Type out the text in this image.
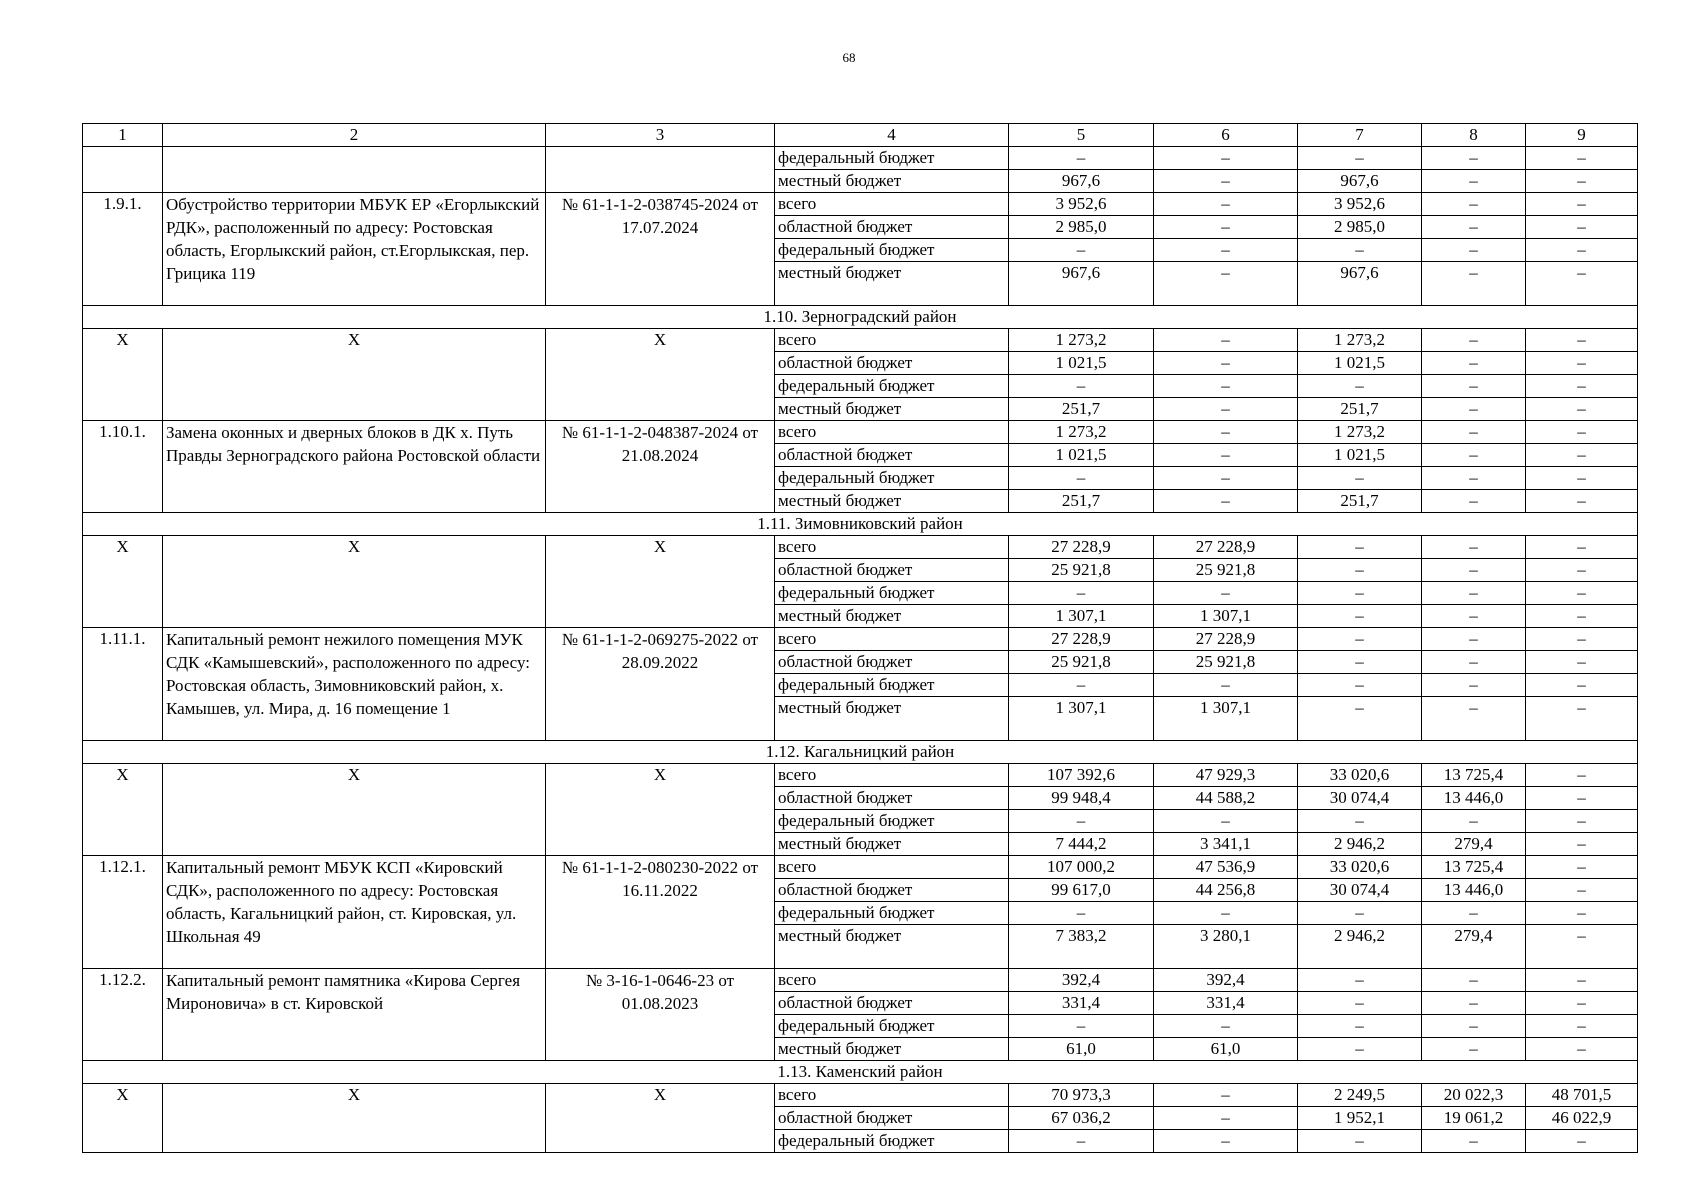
68
1	2	3	4	5	6	7	8	9
			федеральный бюджет	–	–	–	–	–
			местный бюджет	967,6	–	967,6	–	–
1.9.1.	Обустройство территории МБУК ЕР «Егорлыкский РДК», расположенный по адресу: Ростовская область, Егорлыкский район, ст.Егорлыкская, пер. Грицика 119	№ 61-1-1-2-038745-2024 от 17.07.2024	всего	3 952,6	–	3 952,6	–	–
			областной бюджет	2 985,0	–	2 985,0	–	–
			федеральный бюджет	–	–	–	–	–
			местный бюджет	967,6	–	967,6	–	–
1.10. Зерноградский район								
X	X	X	всего	1 273,2	–	1 273,2	–	–
			областной бюджет	1 021,5	–	1 021,5	–	–
			федеральный бюджет	–	–	–	–	–
			местный бюджет	251,7	–	251,7	–	–
1.10.1.	Замена оконных и дверных блоков в ДК х. Путь Правды Зерноградского района Ростовской области	№ 61-1-1-2-048387-2024 от 21.08.2024	всего	1 273,2	–	1 273,2	–	–
			областной бюджет	1 021,5	–	1 021,5	–	–
			федеральный бюджет	–	–	–	–	–
			местный бюджет	251,7	–	251,7	–	–
1.11. Зимовниковский район								
X	X	X	всего	27 228,9	27 228,9	–	–	–
			областной бюджет	25 921,8	25 921,8	–	–	–
			федеральный бюджет	–	–	–	–	–
			местный бюджет	1 307,1	1 307,1	–	–	–
1.11.1.	Капитальный ремонт нежилого помещения МУК СДК «Камышевский», расположенного по адресу: Ростовская область, Зимовниковский район, х. Камышев, ул. Мира, д. 16 помещение 1	№ 61-1-1-2-069275-2022 от 28.09.2022	всего	27 228,9	27 228,9	–	–	–
			областной бюджет	25 921,8	25 921,8	–	–	–
			федеральный бюджет	–	–	–	–	–
			местный бюджет	1 307,1	1 307,1	–	–	–
1.12. Кагальницкий район								
X	X	X	всего	107 392,6	47 929,3	33 020,6	13 725,4	–
			областной бюджет	99 948,4	44 588,2	30 074,4	13 446,0	–
			федеральный бюджет	–	–	–	–	–
			местный бюджет	7 444,2	3 341,1	2 946,2	279,4	–
1.12.1.	Капитальный ремонт МБУК КСП «Кировский СДК», расположенного по адресу: Ростовская область, Кагальницкий район, ст. Кировская, ул. Школьная 49	№ 61-1-1-2-080230-2022 от 16.11.2022	всего	107 000,2	47 536,9	33 020,6	13 725,4	–
			областной бюджет	99 617,0	44 256,8	30 074,4	13 446,0	–
			федеральный бюджет	–	–	–	–	–
			местный бюджет	7 383,2	3 280,1	2 946,2	279,4	–
1.12.2.	Капитальный ремонт памятника «Кирова Сергея Мироновича» в ст. Кировской	№ 3-16-1-0646-23 от 01.08.2023	всего	392,4	392,4	–	–	–
			областной бюджет	331,4	331,4	–	–	–
			федеральный бюджет	–	–	–	–	–
			местный бюджет	61,0	61,0	–	–	–
1.13. Каменский район								
X	X	X	всего	70 973,3	–	2 249,5	20 022,3	48 701,5
			областной бюджет	67 036,2	–	1 952,1	19 061,2	46 022,9
			федеральный бюджет	–	–	–	–	–
